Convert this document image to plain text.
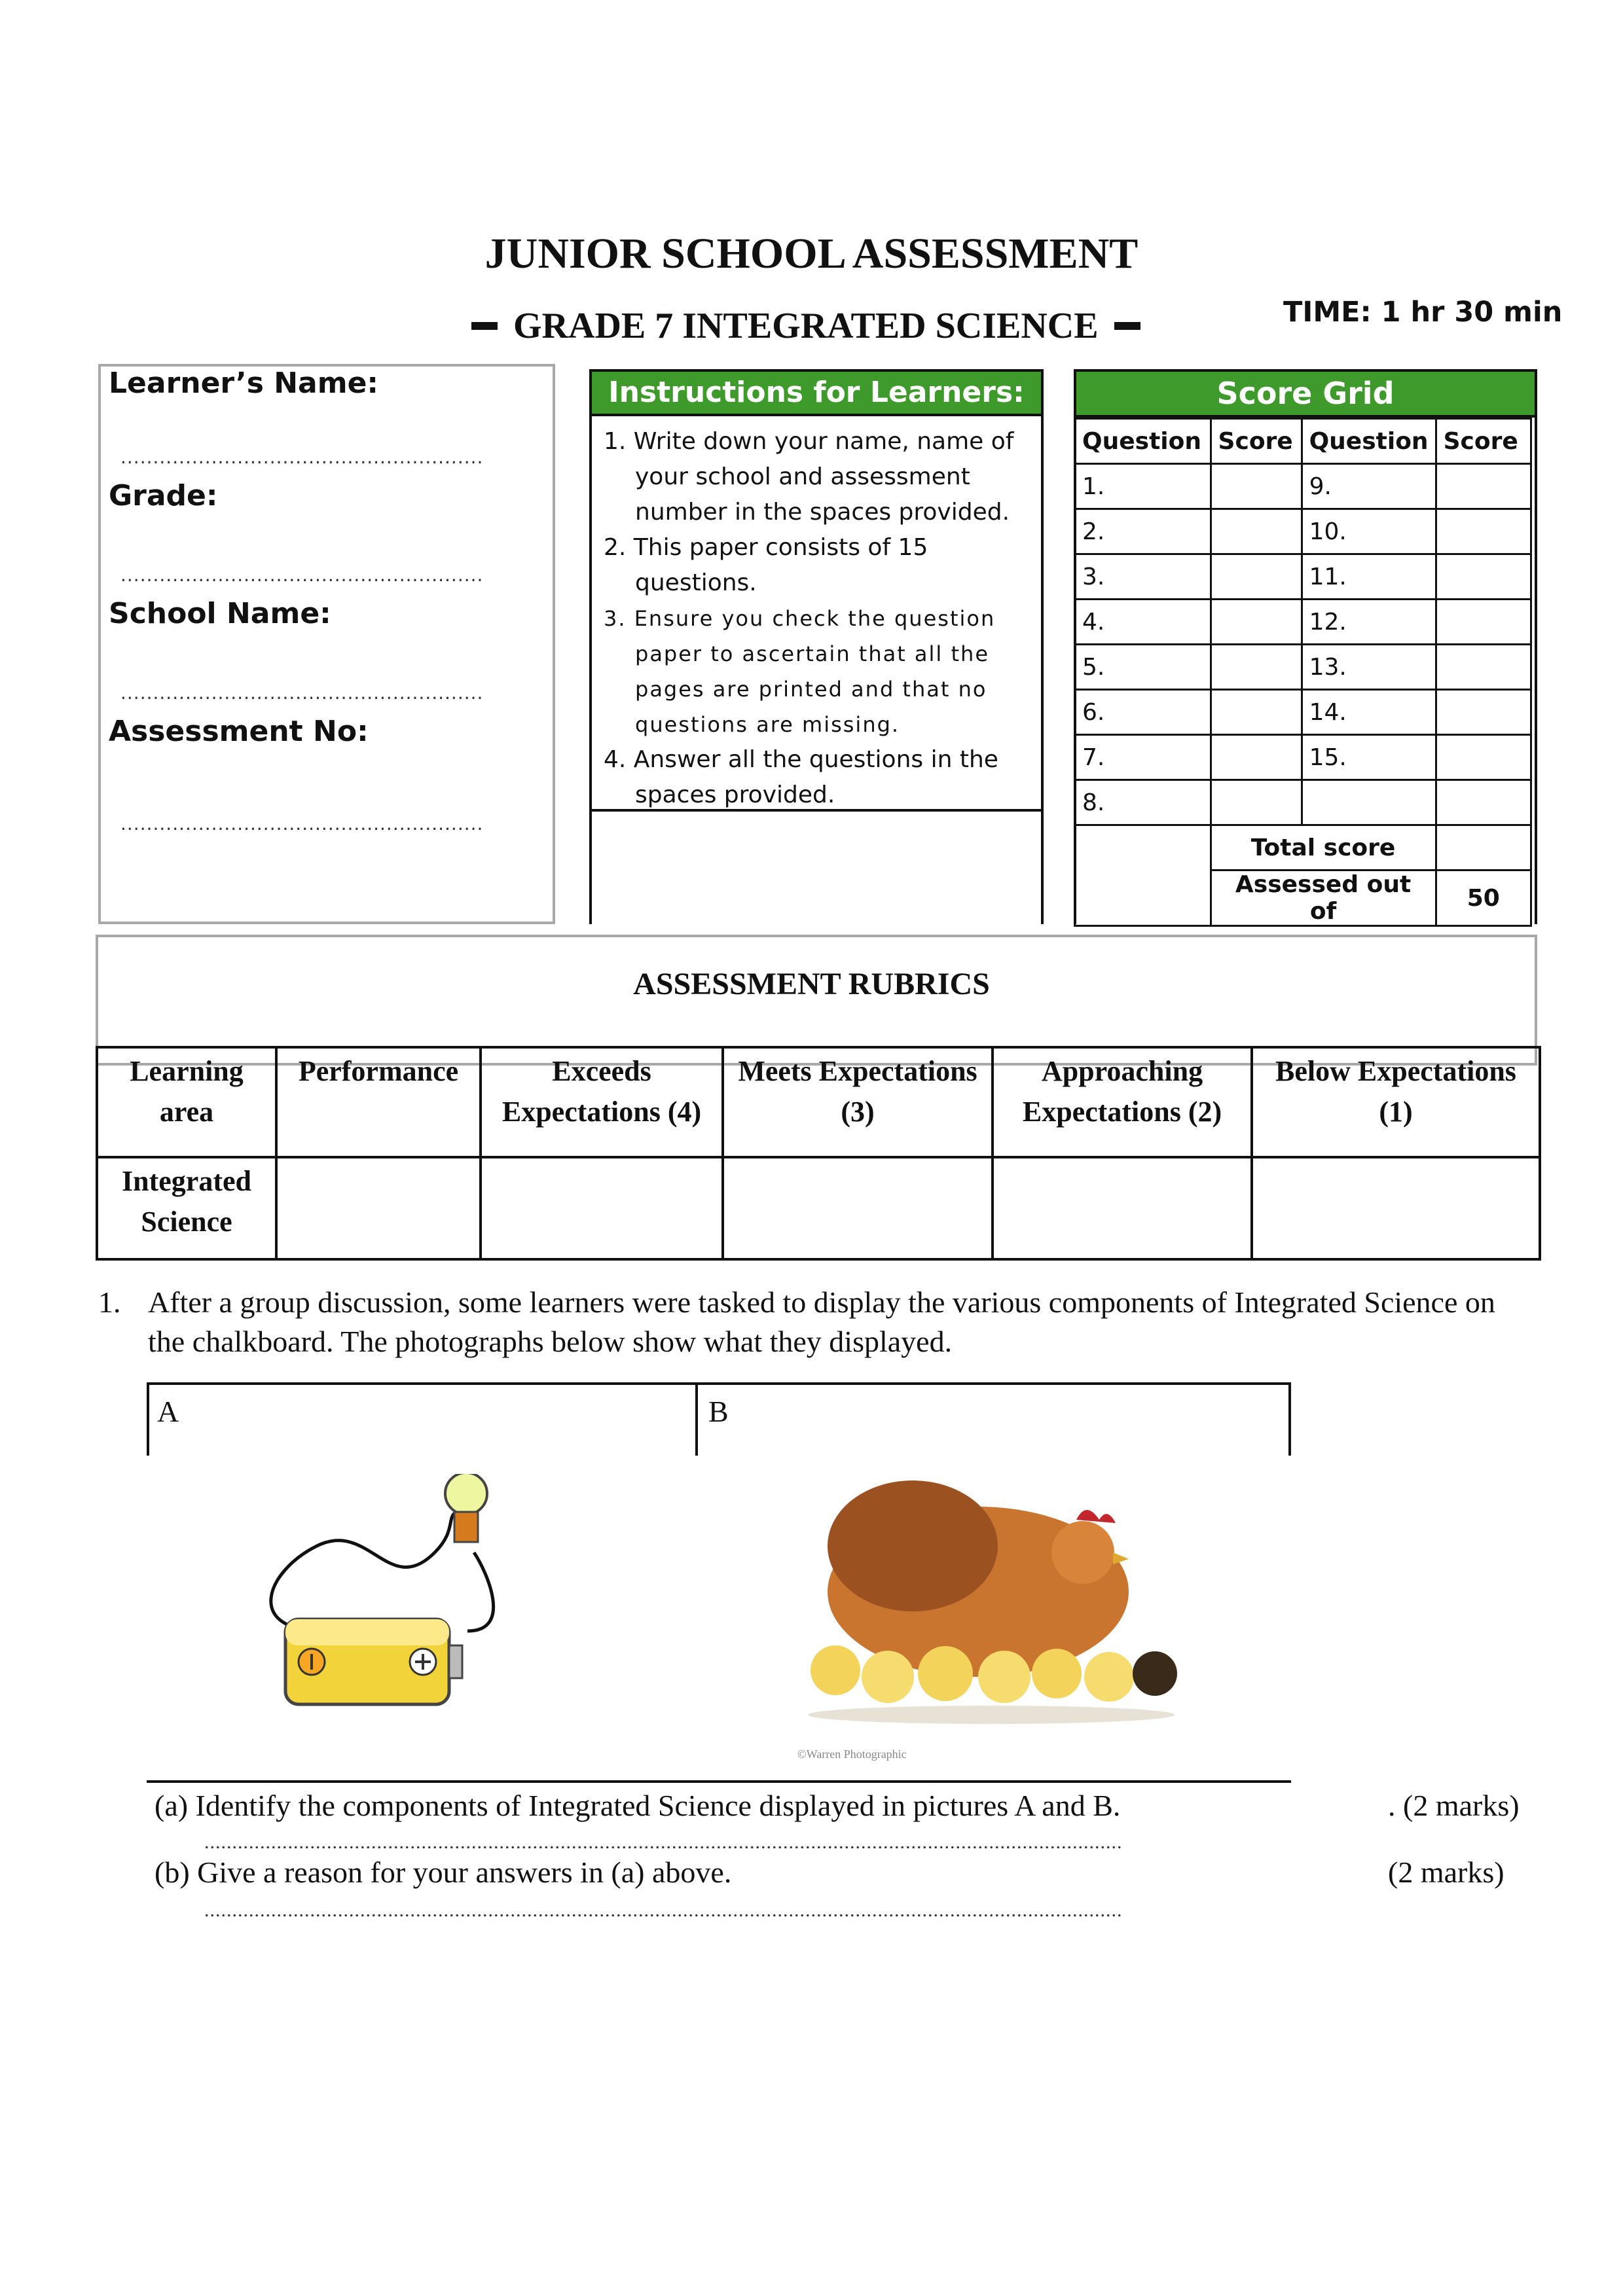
JUNIOR SCHOOL ASSESSMENT
GRADE 7 INTEGRATED SCIENCE	TIME: 1 hr 30 min
Learner’s Name:
........................................................
Grade:
........................................................
School Name:
........................................................
Assessment No:
........................................................
Instructions for Learners:
1. Write down your name, name of your school and assessment number in the spaces provided.
2. This paper consists of 15 questions.
3. Ensure you check the question paper to ascertain that all the pages are printed and that no questions are missing.
4. Answer all the questions in the spaces provided.
Score Grid
Question	Score	Question	Score
1.		9.	
2.		10.	
3.		11.	
4.		12.	
5.		13.	
6.		14.	
7.		15.	
8.			
	Total score		
	Assessed out of		50
ASSESSMENT RUBRICS
Learning area	Performance	Exceeds Expectations (4)	Meets Expectations (3)	Approaching Expectations (2)	Below Expectations (1)
Integrated Science					
1. After a group discussion, some learners were tasked to display the various components of Integrated Science on the chalkboard. The photographs below show what they displayed.
A	B
©Warren Photographic
(a) Identify the components of Integrated Science displayed in pictures A and B.	. (2 marks)
.....................................................................................................................................................................
(b) Give a reason for your answers in (a) above.	(2 marks)
.....................................................................................................................................................................
